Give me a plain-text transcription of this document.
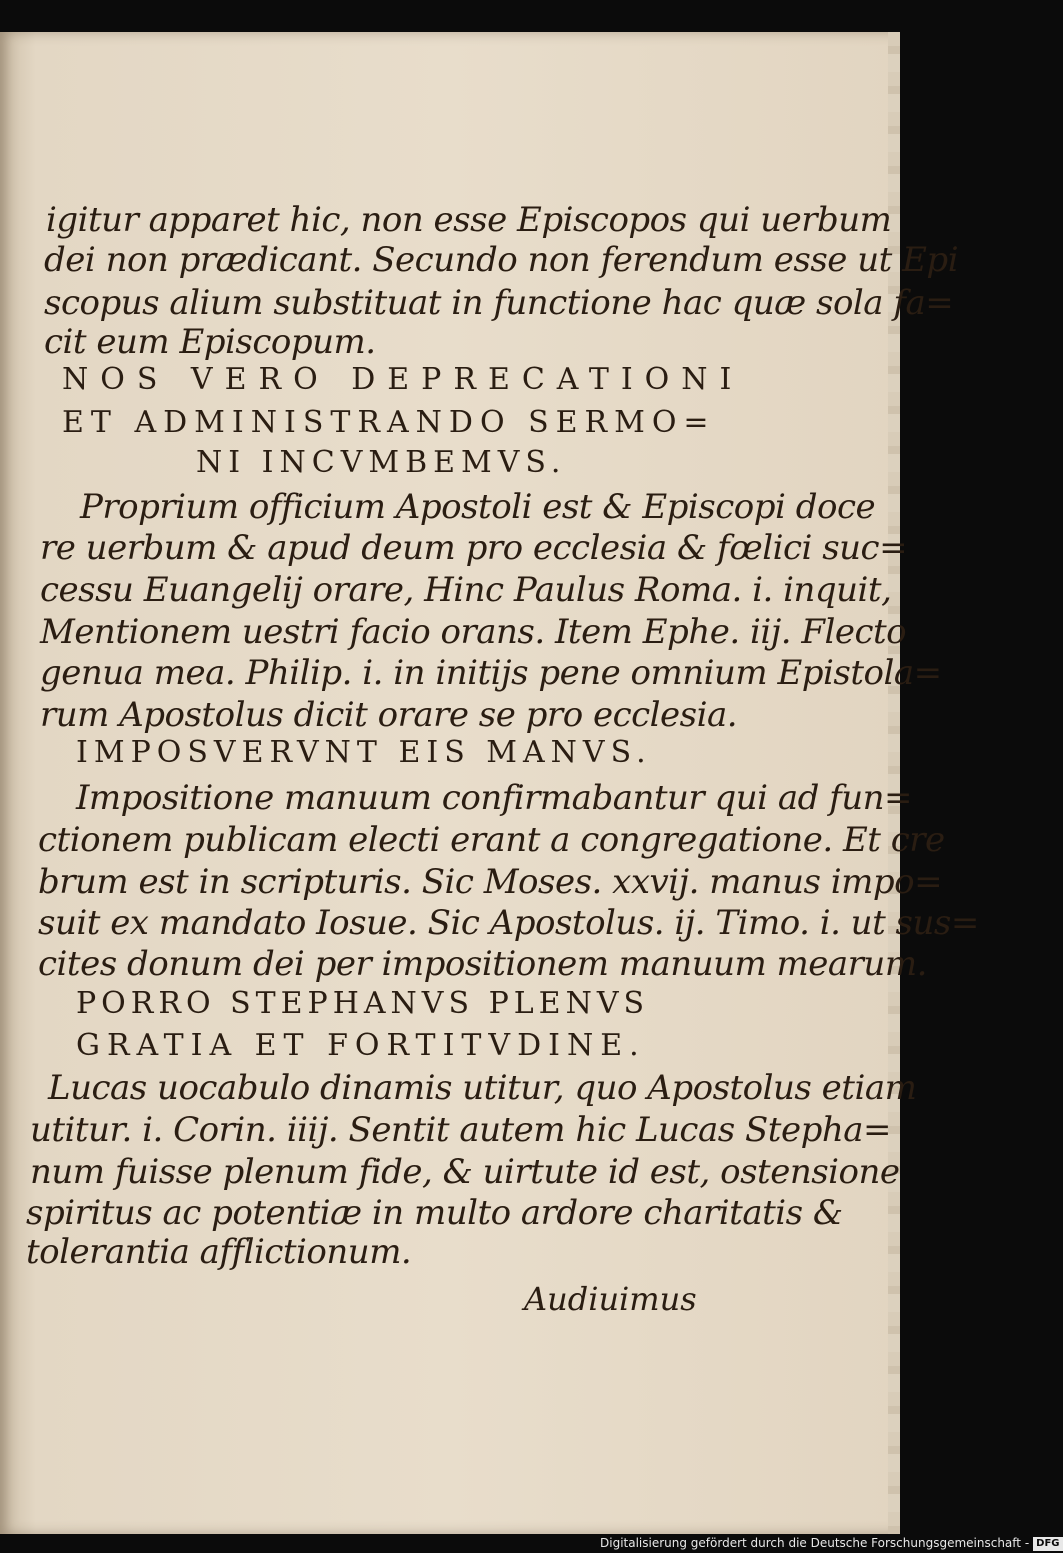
igitur apparet hic, non esse Episcopos qui uerbum
dei non prædicant. Secundo non ferendum esse ut Epi
scopus alium substituat in functione hac quæ sola fa=
cit eum Episcopum.
NOS VERO DEPRECATIONI
ET ADMINISTRANDO SERMO=
NI INCVMBEMVS.
Proprium officium Apostoli est & Episcopi doce
re uerbum & apud deum pro ecclesia & fœlici suc=
cessu Euangelij orare, Hinc Paulus Roma. i. inquit,
Mentionem uestri facio orans. Item Ephe. iij. Flecto
genua mea. Philip. i. in initijs pene omnium Epistola=
rum Apostolus dicit orare se pro ecclesia.
IMPOSVERVNT EIS MANVS.
Impositione manuum confirmabantur qui ad fun=
ctionem publicam electi erant a congregatione. Et cre
brum est in scripturis. Sic Moses. xxvij. manus impo=
suit ex mandato Iosue. Sic Apostolus. ij. Timo. i. ut sus=
cites donum dei per impositionem manuum mearum.
PORRO STEPHANVS PLENVS
GRATIA ET FORTITVDINE.
Lucas uocabulo dinamis utitur, quo Apostolus etiam
utitur. i. Corin. iiij. Sentit autem hic Lucas Stepha=
num fuisse plenum fide, & uirtute id est, ostensione
spiritus ac potentiæ in multo ardore charitatis &
tolerantia afflictionum.
Audiuimus
Digitalisierung gefördert durch die Deutsche Forschungsgemeinschaft - DFG
